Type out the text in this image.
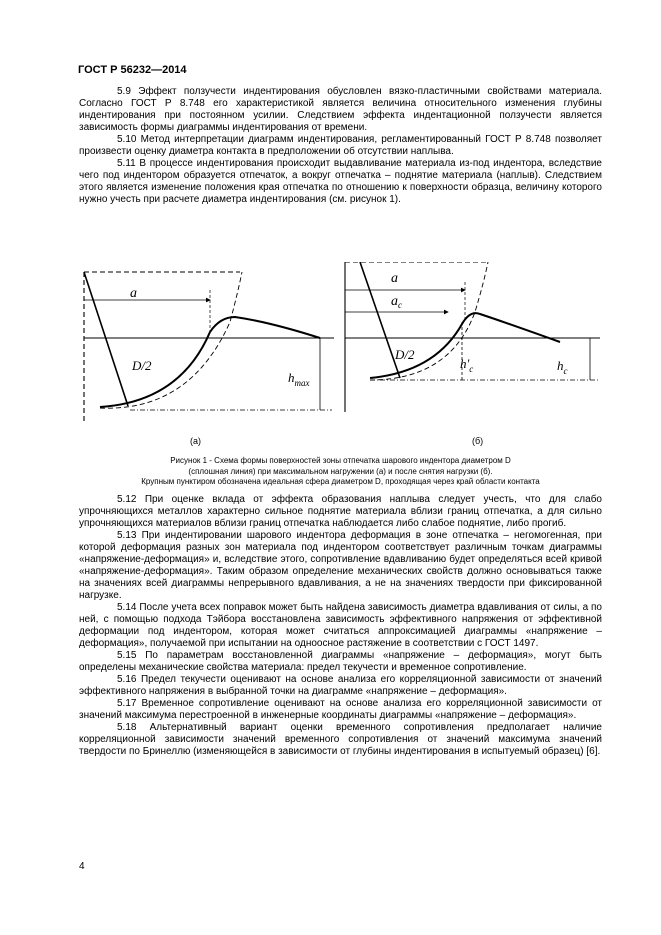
ГОСТ Р 56232—2014

5.9 Эффект ползучести индентирования обусловлен вязко-пластичными свойствами материала. Согласно ГОСТ Р 8.748 его характеристикой является величина относительного изменения глубины индентирования при постоянном усилии. Следствием эффекта индентационной ползучести является зависимость формы диаграммы индентирования от времени.

5.10 Метод интерпретации диаграмм индентирования, регламентированный ГОСТ Р 8.748 позволяет произвести оценку диаметра контакта в предположении об отсутствии наплыва.

5.11 В процессе индентирования происходит выдавливание материала из-под индентора, вследствие чего под индентором образуется отпечаток, а вокруг отпечатка – поднятие материала (наплыв). Следствием этого является изменение положения края отпечатка по отношению к поверхности образца, величину которого нужно учесть при расчете диаметра индентирования (см. рисунок 1).

a
D/2
$h_{max}$
(а)
a
$a_c$
D/2
$h'_c$	$h_c$
(б)
Рисунок 1 - Схема формы поверхностей зоны отпечатка шарового индентора диаметром D
(сплошная линия) при максимальном нагружении (а) и после снятия нагрузки (б).
Крупным пунктиром обозначена идеальная сфера диаметром D, проходящая через край области контакта

5.12 При оценке вклада от эффекта образования наплыва следует учесть, что для слабо упрочняющихся металлов характерно сильное поднятие материала вблизи границ отпечатка, а для сильно упрочняющихся материалов вблизи границ отпечатка наблюдается либо слабое поднятие, либо прогиб.

5.13 При индентировании шарового индентора деформация в зоне отпечатка – негомогенная, при которой деформация разных зон материала под индентором соответствует различным точкам диаграммы «напряжение-деформация» и, вследствие этого, сопротивление вдавливанию будет определяться всей кривой «напряжение-деформация». Таким образом определение механических свойств должно основываться также на значениях всей диаграммы непрерывного вдавливания, а не на значениях твердости при фиксированной нагрузке.

5.14 После учета всех поправок может быть найдена зависимость диаметра вдавливания от силы, а по ней, с помощью подхода Тэйбора восстановлена зависимость эффективного напряжения от эффективной деформации под индентором, которая может считаться аппроксимацией диаграммы «напряжение – деформация», получаемой при испытании на одноосное растяжение в соответствии с ГОСТ 1497.

5.15 По параметрам восстановленной диаграммы «напряжение – деформация», могут быть определены механические свойства материала: предел текучести и временное сопротивление.

5.16 Предел текучести оценивают на основе анализа его корреляционной зависимости от значений эффективного напряжения в выбранной точки на диаграмме «напряжение – деформация».

5.17 Временное сопротивление оценивают на основе анализа его корреляционной зависимости от значений максимума перестроенной в инженерные координаты диаграммы «напряжение – деформация».

5.18 Альтернативный вариант оценки временного сопротивления предполагает наличие корреляционной зависимости значений временного сопротивления от значений максимума значений твердости по Бринеллю (изменяющейся в зависимости от глубины индентирования в испытуемый образец) [6].

4
